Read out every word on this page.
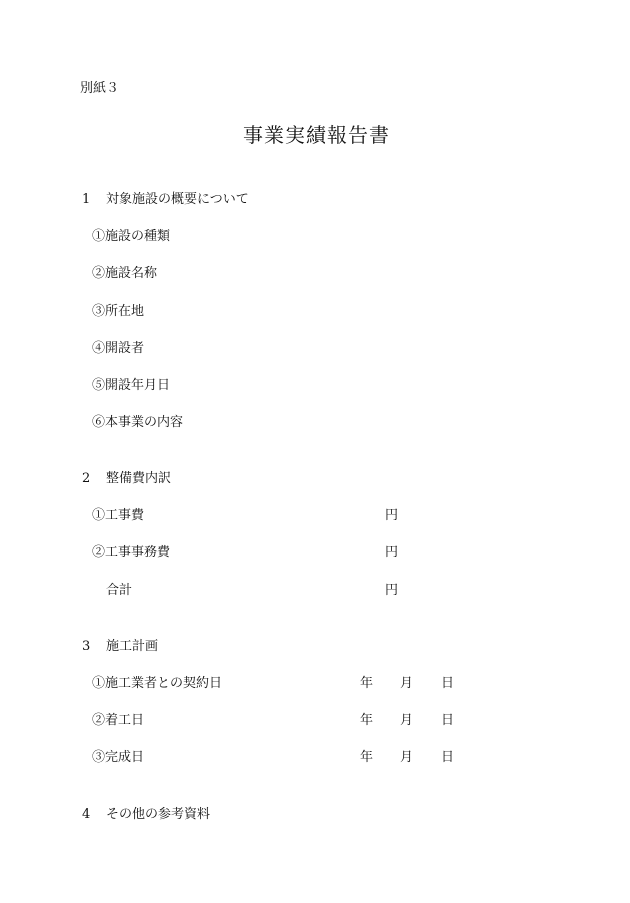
別紙３
事業実績報告書
1 対象施設の概要について
①施設の種類
②施設名称
③所在地
④開設者
⑤開設年月日
⑥本事業の内容
2 整備費内訳
①工事費	円
②工事事務費	円
合計	円
3 施工計画
①施工業者との契約日	年 月 日
②着工日	年 月 日
③完成日	年 月 日
4 その他の参考資料
